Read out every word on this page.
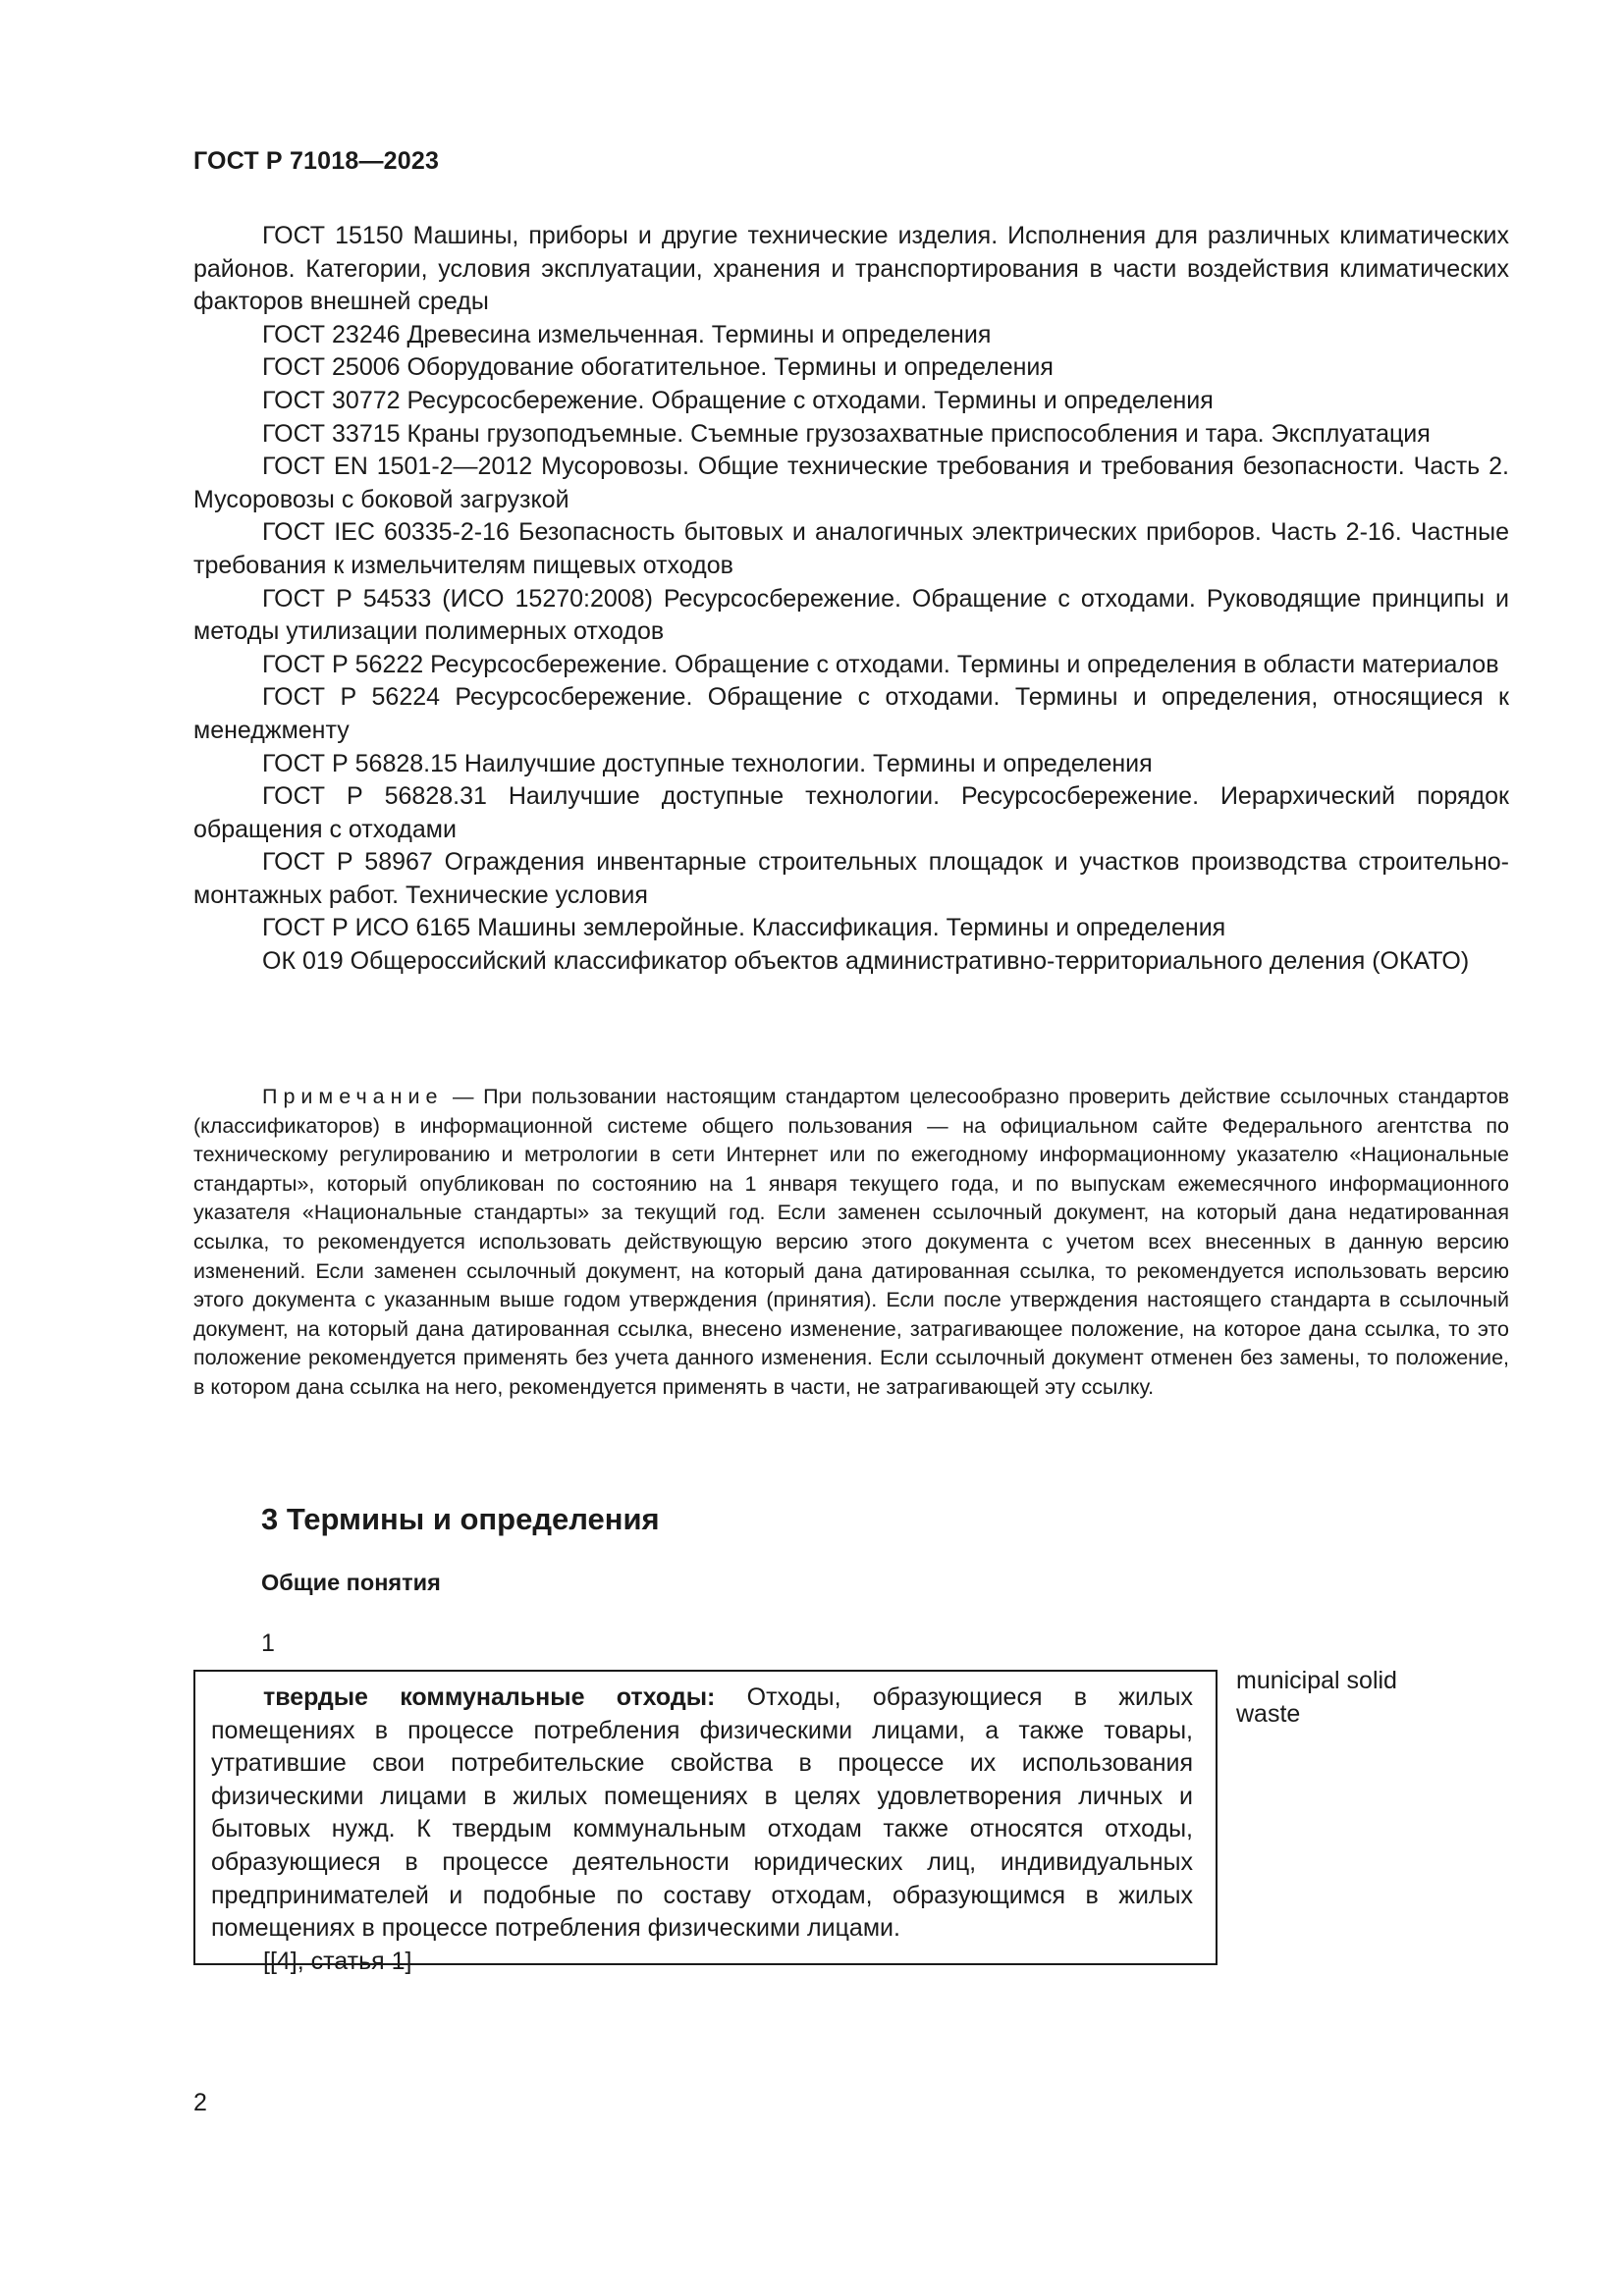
ГОСТ Р 71018—2023

ГОСТ 15150 Машины, приборы и другие технические изделия. Исполнения для различных климатических районов. Категории, условия эксплуатации, хранения и транспортирования в части воздействия климатических факторов внешней среды

ГОСТ 23246 Древесина измельченная. Термины и определения

ГОСТ 25006 Оборудование обогатительное. Термины и определения

ГОСТ 30772 Ресурсосбережение. Обращение с отходами. Термины и определения

ГОСТ 33715 Краны грузоподъемные. Съемные грузозахватные приспособления и тара. Эксплуатация

ГОСТ EN 1501-2—2012 Мусоровозы. Общие технические требования и требования безопасности. Часть 2. Мусоровозы с боковой загрузкой

ГОСТ IEC 60335-2-16 Безопасность бытовых и аналогичных электрических приборов. Часть 2-16. Частные требования к измельчителям пищевых отходов

ГОСТ Р 54533 (ИСО 15270:2008) Ресурсосбережение. Обращение с отходами. Руководящие принципы и методы утилизации полимерных отходов

ГОСТ Р 56222 Ресурсосбережение. Обращение с отходами. Термины и определения в области материалов

ГОСТ Р 56224 Ресурсосбережение. Обращение с отходами. Термины и определения, относящиеся к менеджменту

ГОСТ Р 56828.15 Наилучшие доступные технологии. Термины и определения

ГОСТ Р 56828.31 Наилучшие доступные технологии. Ресурсосбережение. Иерархический порядок обращения с отходами

ГОСТ Р 58967 Ограждения инвентарные строительных площадок и участков производства строительно-монтажных работ. Технические условия

ГОСТ Р ИСО 6165 Машины землеройные. Классификация. Термины и определения

ОК 019 Общероссийский классификатор объектов административно-территориального деления (ОКАТО)

Примечание — При пользовании настоящим стандартом целесообразно проверить действие ссылочных стандартов (классификаторов) в информационной системе общего пользования — на официальном сайте Федерального агентства по техническому регулированию и метрологии в сети Интернет или по ежегодному информационному указателю «Национальные стандарты», который опубликован по состоянию на 1 января текущего года, и по выпускам ежемесячного информационного указателя «Национальные стандарты» за текущий год. Если заменен ссылочный документ, на который дана недатированная ссылка, то рекомендуется использовать действующую версию этого документа с учетом всех внесенных в данную версию изменений. Если заменен ссылочный документ, на который дана датированная ссылка, то рекомендуется использовать версию этого документа с указанным выше годом утверждения (принятия). Если после утверждения настоящего стандарта в ссылочный документ, на который дана датированная ссылка, внесено изменение, затрагивающее положение, на которое дана ссылка, то это положение рекомендуется применять без учета данного изменения. Если ссылочный документ отменен без замены, то положение, в котором дана ссылка на него, рекомендуется применять в части, не затрагивающей эту ссылку.

3 Термины и определения
Общие понятия
1

твердые коммунальные отходы: Отходы, образующиеся в жилых помещениях в процессе потребления физическими лицами, а также товары, утратившие свои потребительские свойства в процессе их использования физическими лицами в жилых помещениях в целях удовлетворения личных и бытовых нужд. К твердым коммунальным отходам также относятся отходы, образующиеся в процессе деятельности юридических лиц, индивидуальных предпринимателей и подобные по составу отходам, образующимся в жилых помещениях в процессе потребления физическими лицами.

[[4], статья 1]

municipal solid waste
2
